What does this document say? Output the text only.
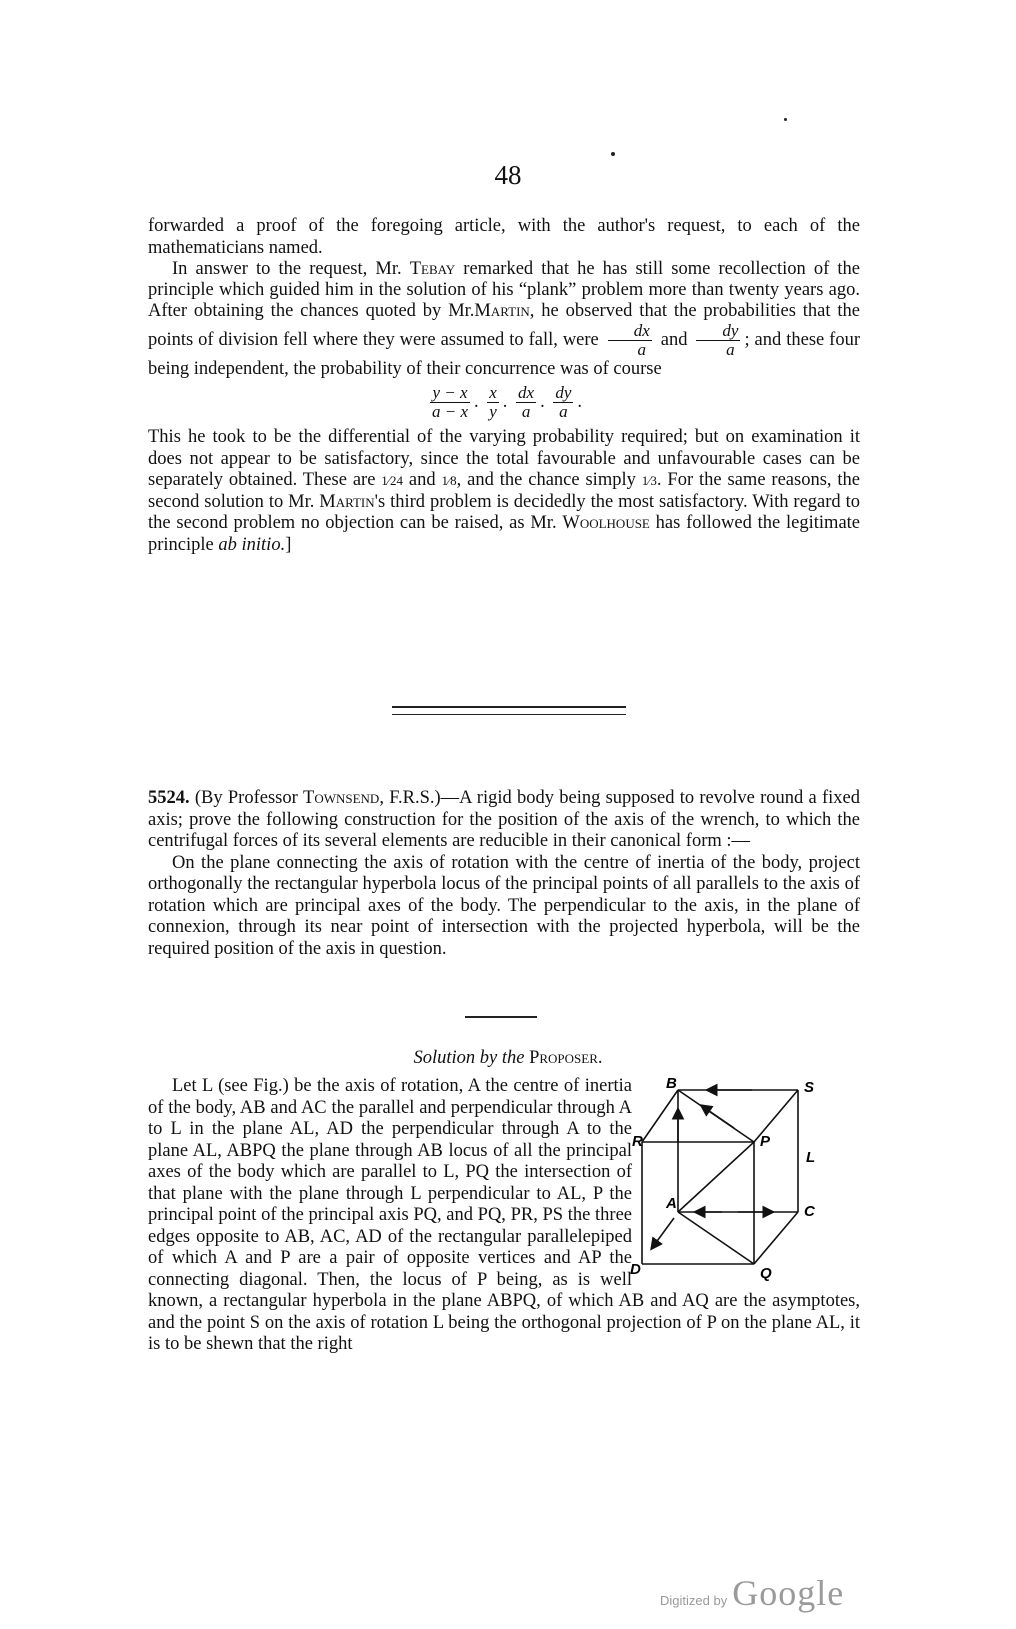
48

forwarded a proof of the foregoing article, with the author's request, to each of the mathematicians named.

In answer to the request, Mr. Tebay remarked that he has still some recollection of the principle which guided him in the solution of his “plank” problem more than twenty years ago. After obtaining the chances quoted by Mr.Martin, he observed that the probabilities that the points of division fell where they were assumed to fall, were $\frac{dx}{a}$ and $\frac{dy}{a}$ ; and these four being independent, the probability of their concurrence was of course

$\frac{y - x}{a - x}$ . $\frac{x}{y}$ . $\frac{dx}{a}$ . $\frac{dy}{a}$ .

This he took to be the differential of the varying probability required; but on examination it does not appear to be satisfactory, since the total favourable and unfavourable cases can be separately obtained. These are 1⁄24 and 1⁄8, and the chance simply 1⁄3. For the same reasons, the second solution to Mr. Martin's third problem is decidedly the most satisfactory. With regard to the second problem no objection can be raised, as Mr. Woolhouse has followed the legitimate principle ab initio.]

5524. (By Professor Townsend, F.R.S.)—A rigid body being supposed to revolve round a fixed axis; prove the following construction for the position of the axis of the wrench, to which the centrifugal forces of its several elements are reducible in their canonical form :—

On the plane connecting the axis of rotation with the centre of inertia of the body, project orthogonally the rectangular hyperbola locus of the principal points of all parallels to the axis of rotation which are principal axes of the body. The perpendicular to the axis, in the plane of connexion, through its near point of intersection with the projected hyperbola, will be the required position of the axis in question.

Solution by the Proposer.

Let L (see Fig.) be the axis of rotation, A the centre of inertia of the body, AB and AC the parallel and perpendicular through A to L in the plane AL, AD the perpendicular through A to the plane AL, ABPQ the plane through AB locus of all the principal axes of the body which are parallel to L, PQ the intersection of that plane with the plane through L perpendicular to AL, P the principal point of the principal axis PQ, and PQ, PR, PS the three edges opposite to AB, AC, AD of the rectangular parallelepiped of which A and P are a pair of opposite vertices and AP the connecting diagonal. Then, the locus of P being, as is well known, a rectangular hyperbola in the plane ABPQ, of which AB and AQ are the asymptotes, and the point S on the axis of rotation L being the orthogonal projection of P on the plane AL, it is to be shewn that the right

B	S
R	P
L
A	C
D	Q
Digitized by Google
